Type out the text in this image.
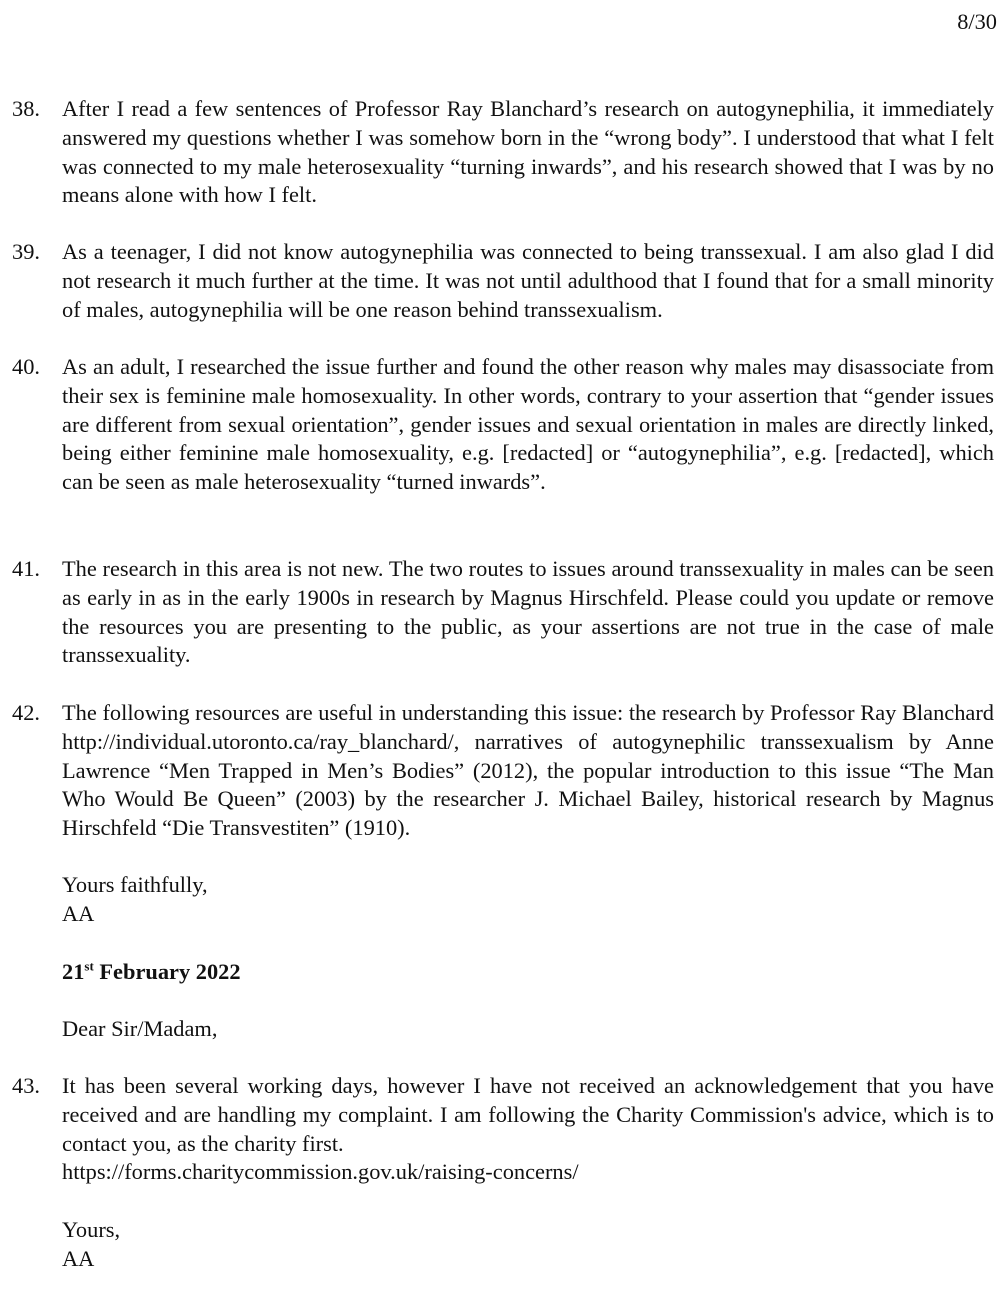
8/30
38. After I read a few sentences of Professor Ray Blanchard’s research on autogynephilia, it immediately answered my questions whether I was somehow born in the “wrong body”. I understood that what I felt was connected to my male heterosexuality “turning inwards”, and his research showed that I was by no means alone with how I felt.
39. As a teenager, I did not know autogynephilia was connected to being transsexual. I am also glad I did not research it much further at the time. It was not until adulthood that I found that for a small minority of males, autogynephilia will be one reason behind transsexualism.
40. As an adult, I researched the issue further and found the other reason why males may disassociate from their sex is feminine male homosexuality. In other words, contrary to your assertion that “gender issues are different from sexual orientation”, gender issues and sexual orientation in males are directly linked, being either feminine male homosexuality, e.g. [redacted] or “autogynephilia”, e.g. [redacted], which can be seen as male heterosexuality “turned inwards”.
41. The research in this area is not new. The two routes to issues around transsexuality in males can be seen as early in as in the early 1900s in research by Magnus Hirschfeld. Please could you update or remove the resources you are presenting to the public, as your assertions are not true in the case of male transsexuality.
42. The following resources are useful in understanding this issue: the research by Professor Ray Blanchard http://individual.utoronto.ca/ray_blanchard/, narratives of autogynephilic transsexualism by Anne Lawrence “Men Trapped in Men’s Bodies” (2012), the popular introduction to this issue “The Man Who Would Be Queen” (2003) by the researcher J. Michael Bailey, historical research by Magnus Hirschfeld “Die Transvestiten” (1910).
Yours faithfully,
AA
21st February 2022
Dear Sir/Madam,
43. It has been several working days, however I have not received an acknowledgement that you have received and are handling my complaint. I am following the Charity Commission's advice, which is to contact you, as the charity first.
https://forms.charitycommission.gov.uk/raising-concerns/
Yours,
AA
